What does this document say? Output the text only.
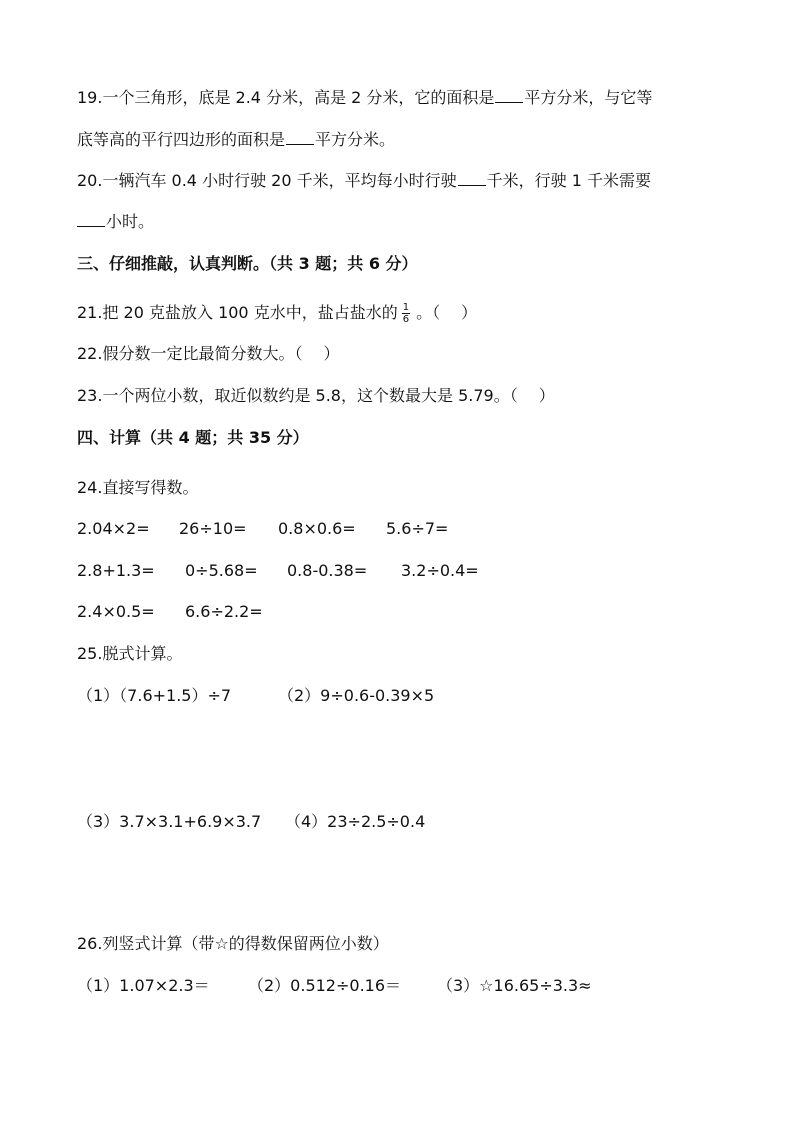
19.一个三角形，底是 2.4 分米，高是 2 分米，它的面积是 平方分米，与它等
底等高的平行四边形的面积是 平方分米。
20.一辆汽车 0.4 小时行驶 20 千米，平均每小时行驶 千米，行驶 1 千米需要
小时。
三、仔细推敲，认真判断。（共 3 题；共 6 分）
21.把 20 克盐放入 100 克水中，盐占盐水的 $\frac{1}{6}$ 。（　 ）
22.假分数一定比最简分数大。（　 ）
23.一个两位小数，取近似数约是 5.8，这个数最大是 5.79。（　 ）
四、计算（共 4 题；共 35 分）
24.直接写得数。
2.04×2= 26÷10= 0.8×0.6= 5.6÷7=
2.8+1.3= 0÷5.68= 0.8-0.38= 3.2÷0.4=
2.4×0.5= 6.6÷2.2=
25.脱式计算。
（1）（7.6+1.5）÷7	（2）9÷0.6-0.39×5
（3）3.7×3.1+6.9×3.7 （4）23÷2.5÷0.4
26.列竖式计算（带☆的得数保留两位小数）
（1）1.07×2.3＝ （2）0.512÷0.16＝ （3）☆16.65÷3.3≈
